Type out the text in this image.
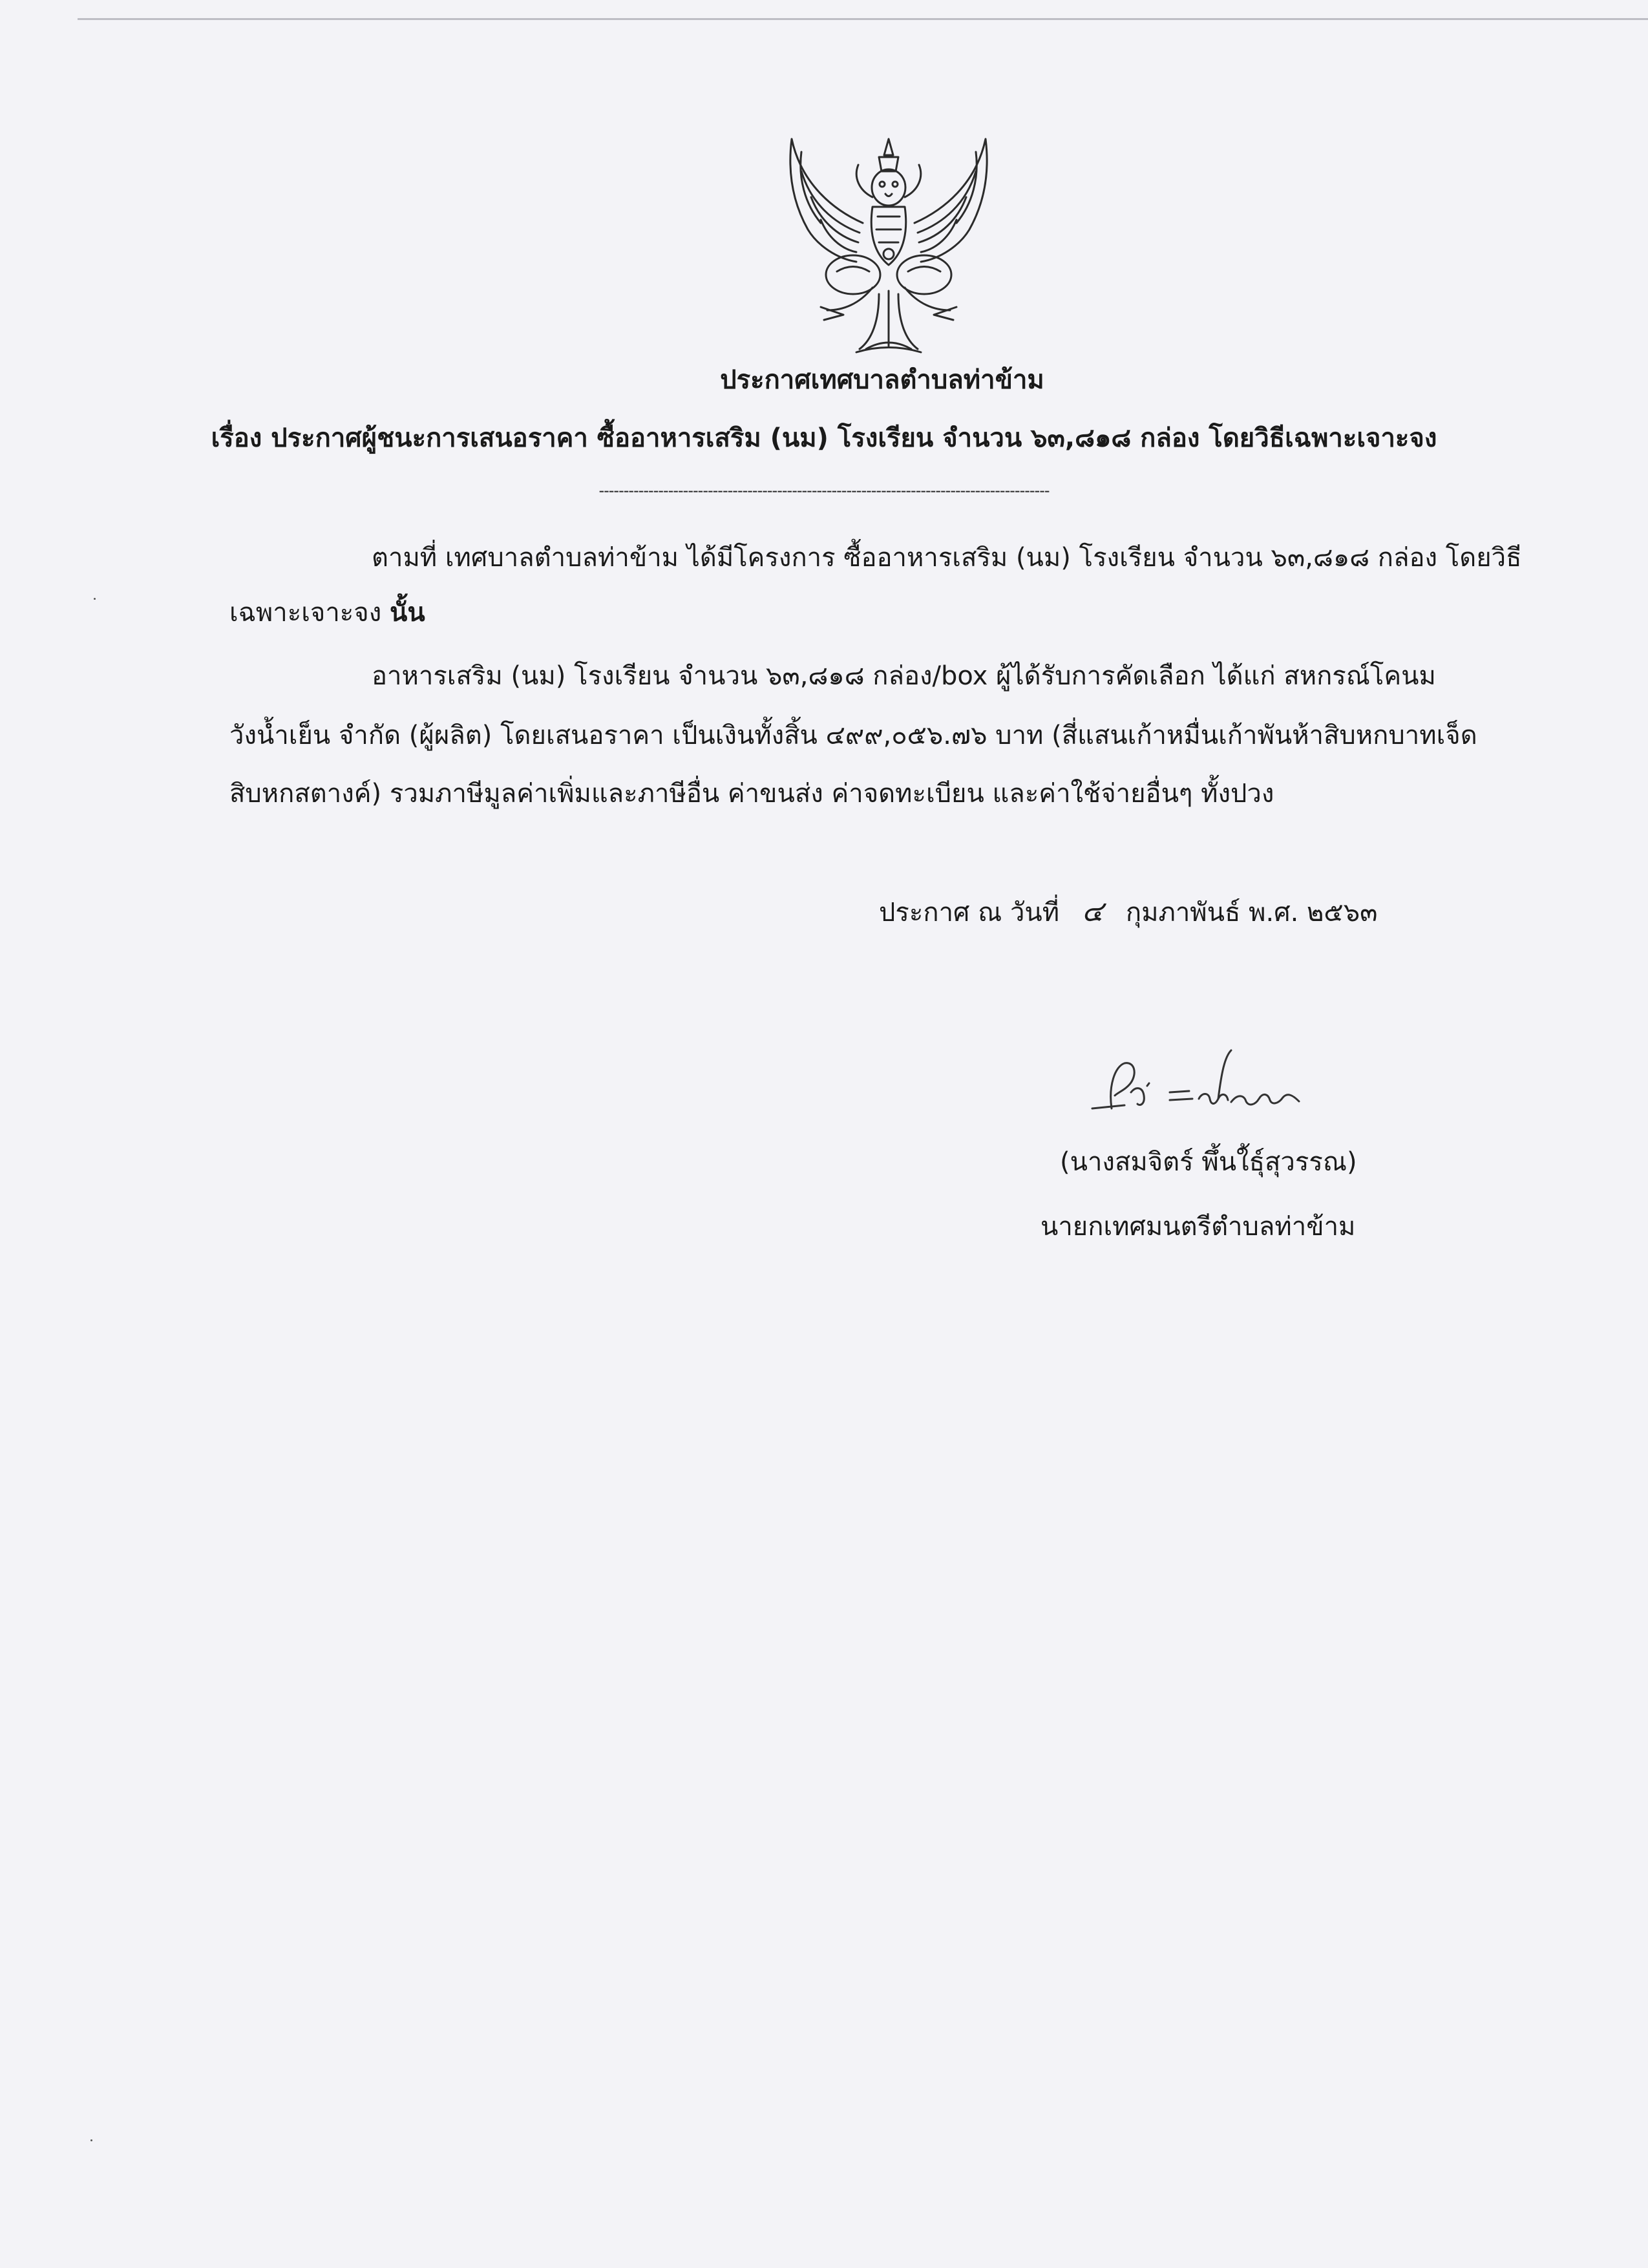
ประกาศเทศบาลตำบลท่าข้าม
เรื่อง ประกาศผู้ชนะการเสนอราคา ซื้ออาหารเสริม (นม) โรงเรียน จำนวน ๖๓,๘๑๘ กล่อง โดยวิธีเฉพาะเจาะจง
-------------------------------------------------------------------------------------------
ตามที่ เทศบาลตำบลท่าข้าม ได้มีโครงการ ซื้ออาหารเสริม (นม) โรงเรียน จำนวน ๖๓,๘๑๘ กล่อง โดยวิธี
เฉพาะเจาะจง นั้น
อาหารเสริม (นม) โรงเรียน จำนวน ๖๓,๘๑๘ กล่อง/box ผู้ได้รับการคัดเลือก ได้แก่ สหกรณ์โคนม
วังน้ำเย็น จำกัด (ผู้ผลิต) โดยเสนอราคา เป็นเงินทั้งสิ้น ๔๙๙,๐๕๖.๗๖ บาท (สี่แสนเก้าหมื่นเก้าพันห้าสิบหกบาทเจ็ด
สิบหกสตางค์) รวมภาษีมูลค่าเพิ่มและภาษีอื่น ค่าขนส่ง ค่าจดทะเบียน และค่าใช้จ่ายอื่นๆ ทั้งปวง
ประกาศ ณ วันที่ ๔ กุมภาพันธ์ พ.ศ. ๒๕๖๓
(นางสมจิตร์ พึ้นใ้ธุ์สุวรรณ)
นายกเทศมนตรีตำบลท่าข้าม
